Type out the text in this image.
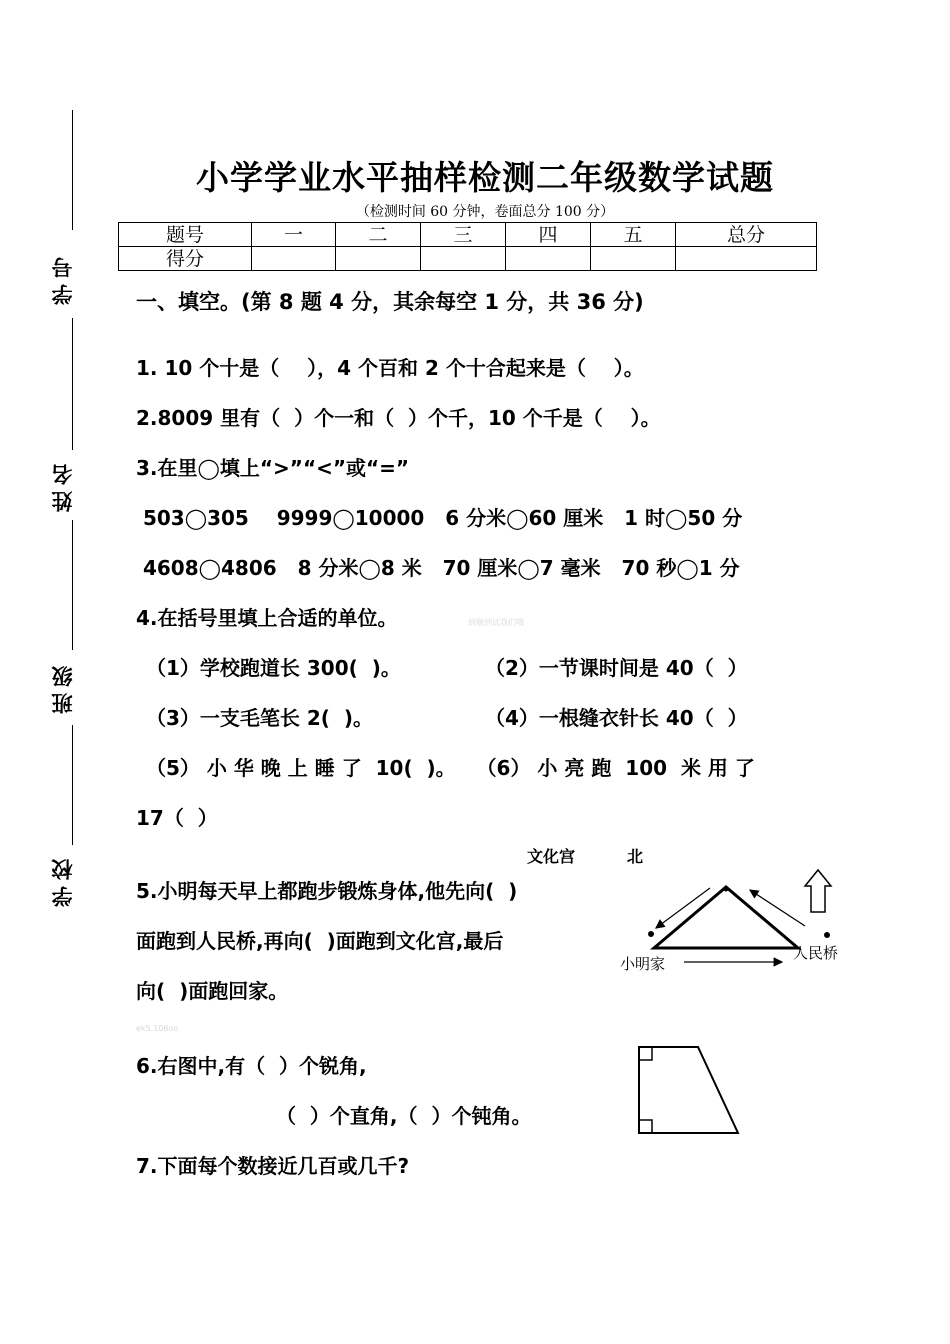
学号
姓名
班级
学校
小学学业水平抽样检测二年级数学试题
（检测时间 60 分钟，卷面总分 100 分）
题号	一	二	三	四	五	总分
得分						
一、填空。(第 8 题 4 分，其余每空 1 分，共 36 分)
1. 10 个十是（    ），4 个百和 2 个十合起来是（    ）。
2.8009 里有（  ）个一和（  ）个千，10 个千是（    ）。
3.在里◯填上“>”“<”或“=”
503◯305    9999◯10000   6 分米◯60 厘米   1 时◯50 分
4608◯4806   8 分米◯8 米   70 厘米◯7 毫米   70 秒◯1 分
4.在括号里填上合适的单位。	到顺到试我们哦
（1）学校跑道长 300(  )。	（2）一节课时间是 40（  ）
（3）一支毛笔长 2(  )。	（4）一根缝衣针长 40（  ）
（5） 小 华 晚 上 睡 了  10(  )。   （6） 小 亮 跑  100  米 用 了
17（  ）
5.小明每天早上都跑步锻炼身体,他先向(  )
面跑到人民桥,再向(  )面跑到文化宫,最后
向(  )面跑回家。
ek5.106oo
文化宫	北
小明家
人民桥
6.右图中,有（  ）个锐角,
（  ）个直角,（  ）个钝角。
7.下面每个数接近几百或几千?
